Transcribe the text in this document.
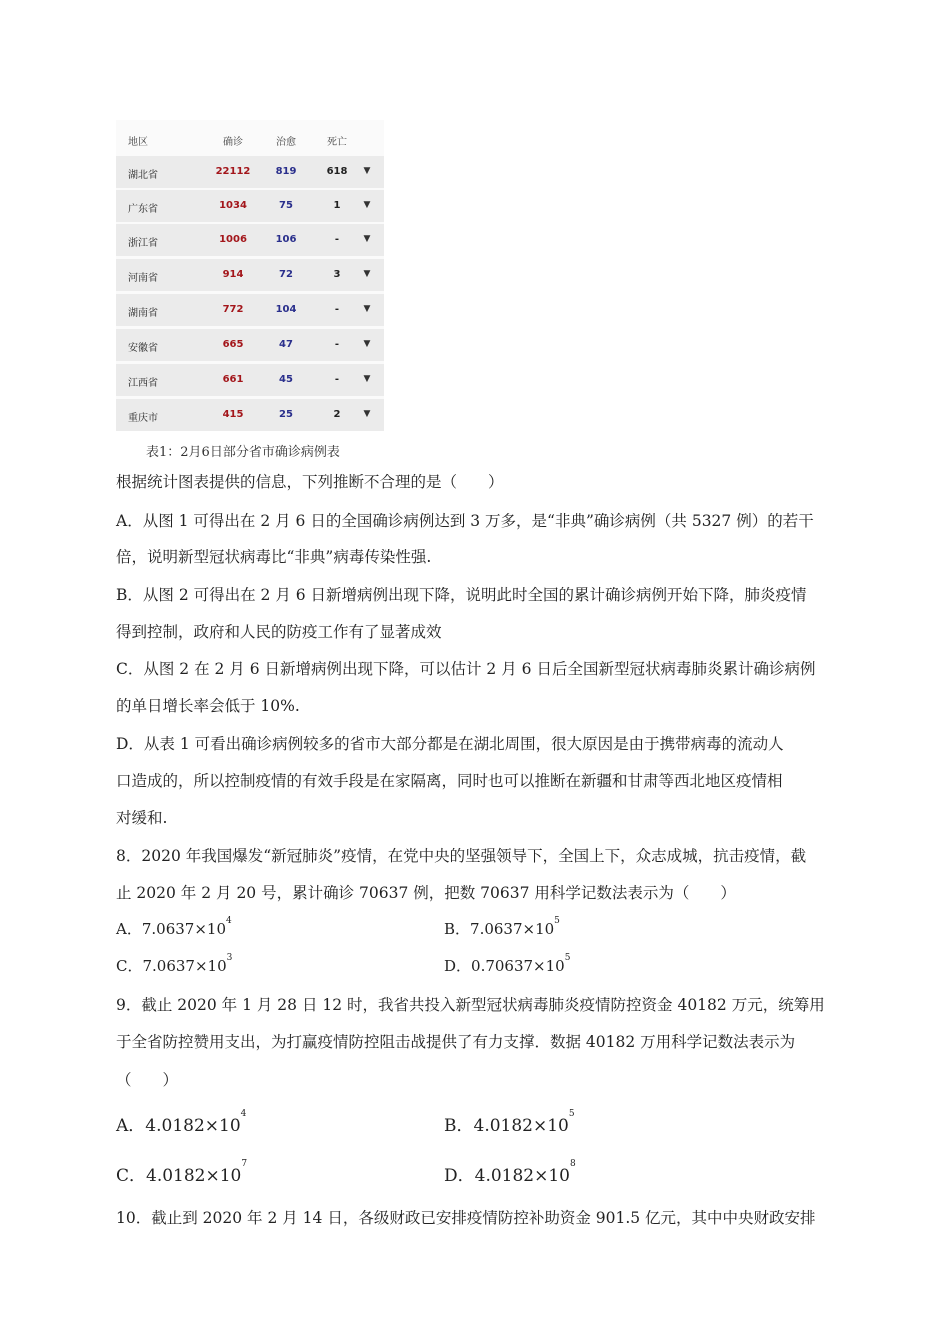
地区	确诊	治愈	死亡
湖北省	22112	819	618	▼
广东省	1034	75	1	▼
浙江省	1006	106	-	▼
河南省	914	72	3	▼
湖南省	772	104	-	▼
安徽省	665	47	-	▼
江西省	661	45	-	▼
重庆市	415	25	2	▼
表1：2月6日部分省市确诊病例表
根据统计图表提供的信息，下列推断不合理的是（　　）
A．从图 1 可得出在 2 月 6 日的全国确诊病例达到 3 万多，是“非典”确诊病例（共 5327 例）的若干
倍，说明新型冠状病毒比“非典”病毒传染性强.
B．从图 2 可得出在 2 月 6 日新增病例出现下降，说明此时全国的累计确诊病例开始下降，肺炎疫情
得到控制，政府和人民的防疫工作有了显著成效
C．从图 2 在 2 月 6 日新增病例出现下降，可以估计 2 月 6 日后全国新型冠状病毒肺炎累计确诊病例
的单日增长率会低于 10%.
D．从表 1 可看出确诊病例较多的省市大部分都是在湖北周围，很大原因是由于携带病毒的流动人
口造成的，所以控制疫情的有效手段是在家隔离，同时也可以推断在新疆和甘肃等西北地区疫情相
对缓和.
8．2020 年我国爆发“新冠肺炎”疫情，在党中央的坚强领导下，全国上下，众志成城，抗击疫情，截
止 2020 年 2 月 20 号，累计确诊 70637 例，把数 70637 用科学记数法表示为（　　）
A．$7.0637\times 10^4$	B．$7.0637\times 10^5$
C．$7.0637\times 10^3$	D．$0.70637\times 10^5$
9．截止 2020 年 1 月 28 日 12 时，我省共投入新型冠状病毒肺炎疫情防控资金 40182 万元，统筹用
于全省防控赞用支出，为打赢疫情防控阻击战提供了有力支撑．数据 40182 万用科学记数法表示为
（　　）
A．$4.0182\times 10^4$
B．$4.0182\times 10^5$
C．$4.0182\times 10^7$
D．$4.0182\times 10^8$
10．截止到 2020 年 2 月 14 日，各级财政已安排疫情防控补助资金 901.5 亿元，其中中央财政安排
